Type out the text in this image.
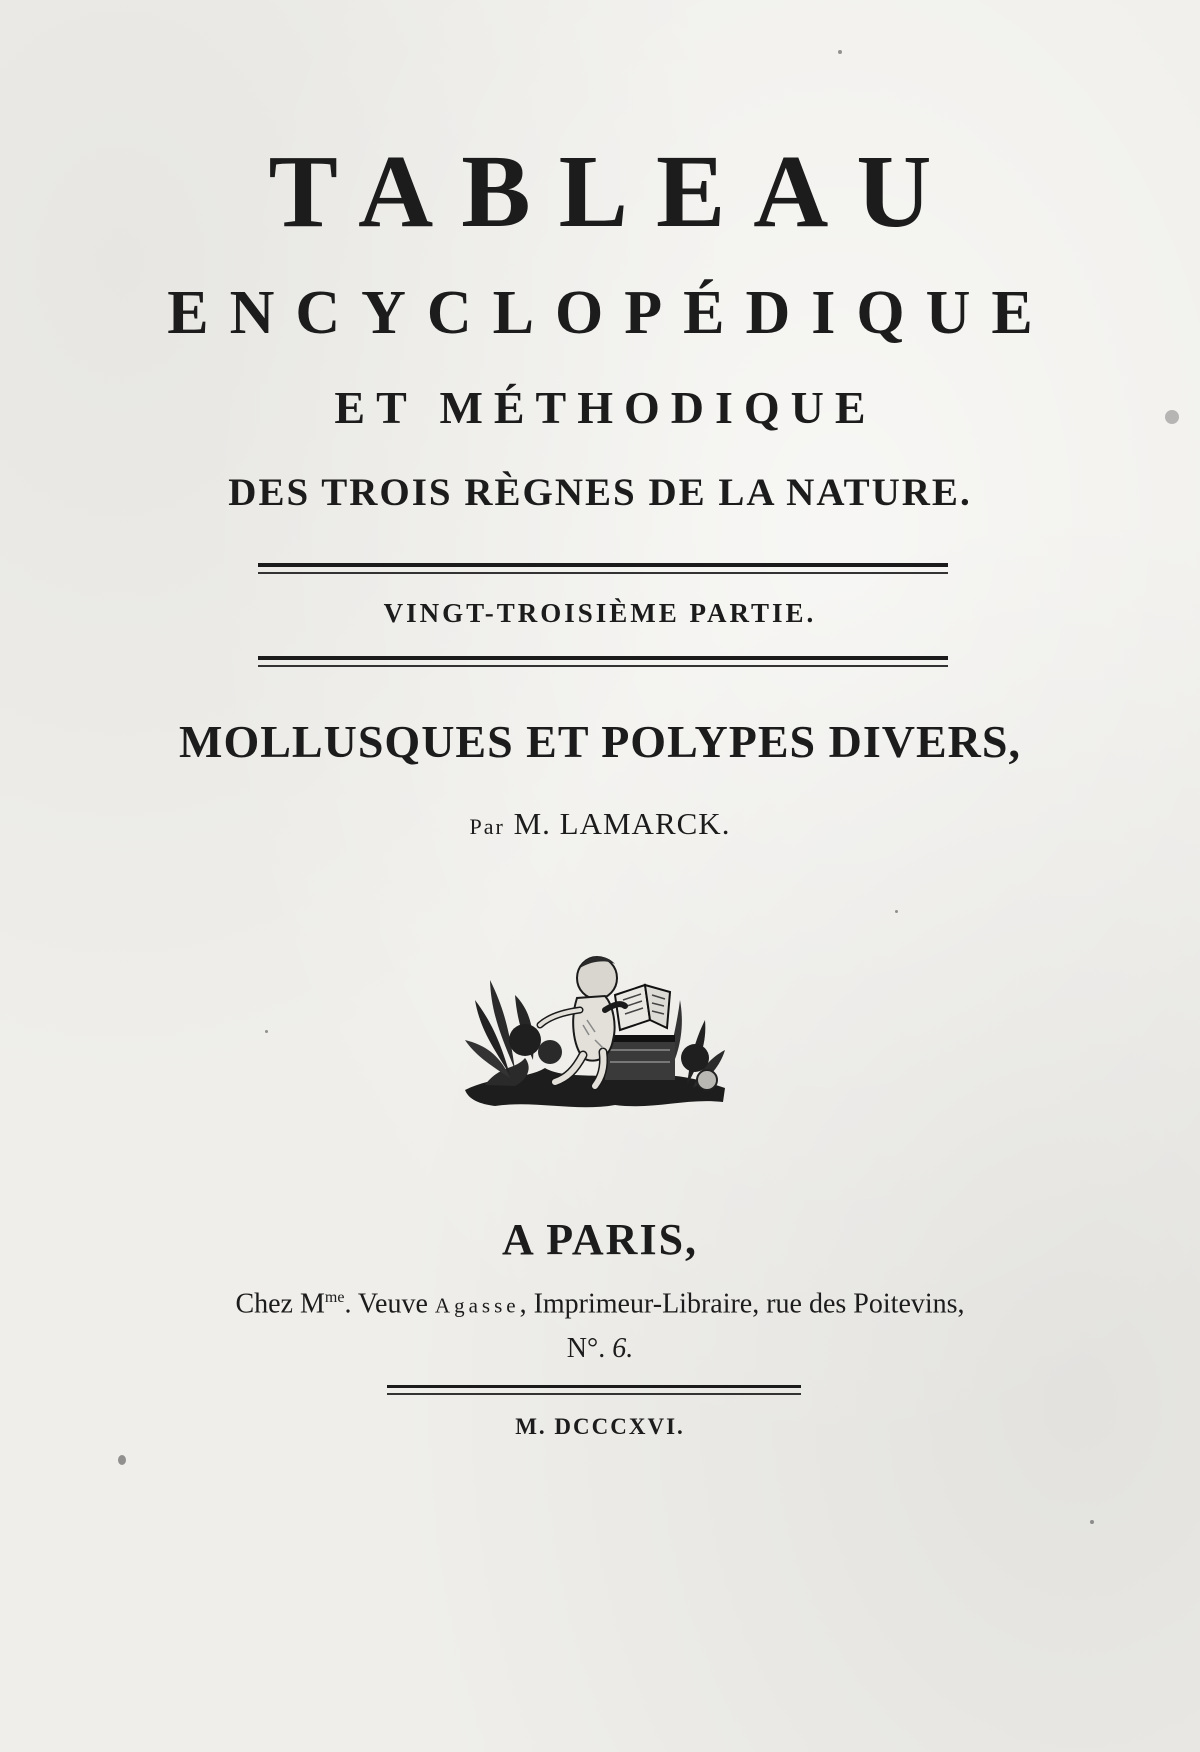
TABLEAU
ENCYCLOPÉDIQUE
ET MÉTHODIQUE
DES TROIS RÈGNES DE LA NATURE.
VINGT-TROISIÈME PARTIE.
MOLLUSQUES ET POLYPES DIVERS,
Par M. LAMARCK.
A PARIS,
Chez $M^{me}$. Veuve Agasse, Imprimeur-Libraire, rue des Poitevins,
N°. 6.
M. DCCCXVI.
